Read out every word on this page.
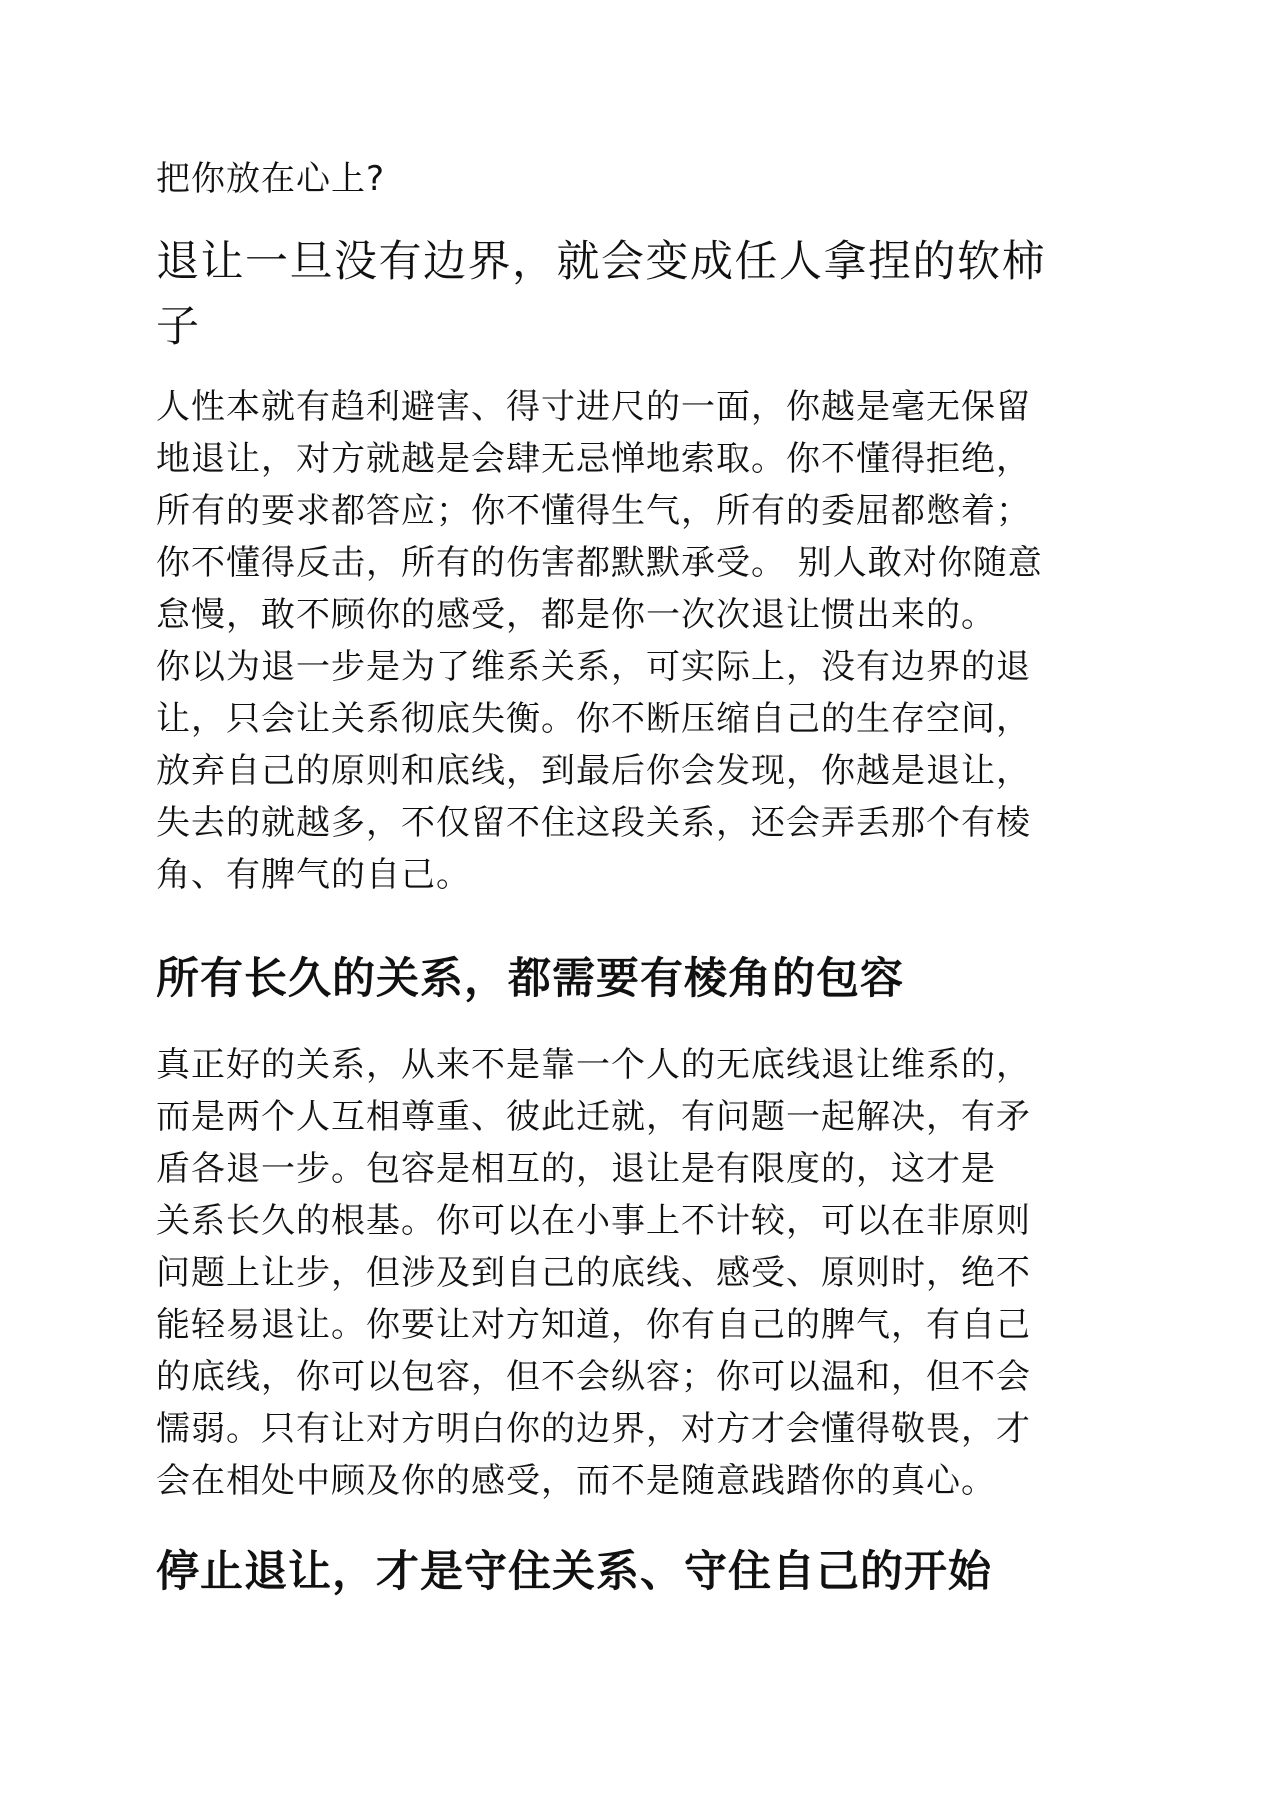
把你放在心上?
退让一旦没有边界，就会变成任人拿捏的软柿
子
人性本就有趋利避害、得寸进尺的一面，你越是毫无保留
地退让，对方就越是会肆无忌惮地索取。你不懂得拒绝，
所有的要求都答应；你不懂得生气，所有的委屈都憋着；
你不懂得反击，所有的伤害都默默承受。 别人敢对你随意
怠慢，敢不顾你的感受，都是你一次次退让惯出来的。
你以为退一步是为了维系关系，可实际上，没有边界的退
让，只会让关系彻底失衡。你不断压缩自己的生存空间，
放弃自己的原则和底线，到最后你会发现，你越是退让，
失去的就越多，不仅留不住这段关系，还会弄丢那个有棱
角、有脾气的自己。
所有长久的关系，都需要有棱角的包容
真正好的关系，从来不是靠一个人的无底线退让维系的，
而是两个人互相尊重、彼此迁就，有问题一起解决，有矛
盾各退一步。包容是相互的，退让是有限度的，这才是
关系长久的根基。你可以在小事上不计较，可以在非原则
问题上让步，但涉及到自己的底线、感受、原则时，绝不
能轻易退让。你要让对方知道，你有自己的脾气，有自己
的底线，你可以包容，但不会纵容；你可以温和，但不会
懦弱。只有让对方明白你的边界，对方才会懂得敬畏，才
会在相处中顾及你的感受，而不是随意践踏你的真心。
停止退让，才是守住关系、守住自己的开始
